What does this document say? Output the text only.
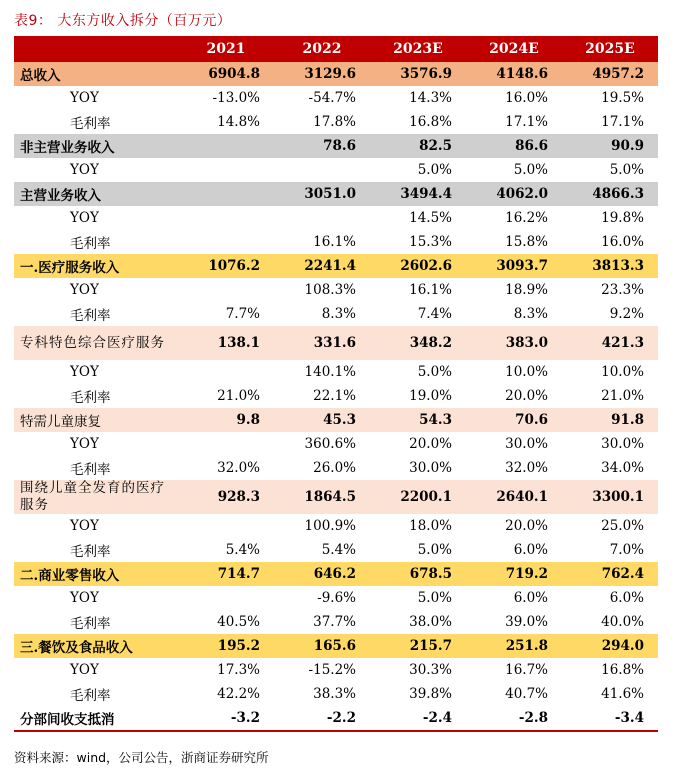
表9： 大东方收入拆分（百万元）
	2021	2022	2023E	2024E	2025E
总收入	6904.8	3129.6	3576.9	4148.6	4957.2
YOY	-13.0%	-54.7%	14.3%	16.0%	19.5%
毛利率	14.8%	17.8%	16.8%	17.1%	17.1%
非主营业务收入		78.6	82.5	86.6	90.9
YOY			5.0%	5.0%	5.0%
主营业务收入		3051.0	3494.4	4062.0	4866.3
YOY			14.5%	16.2%	19.8%
毛利率		16.1%	15.3%	15.8%	16.0%
一.医疗服务收入	1076.2	2241.4	2602.6	3093.7	3813.3
YOY		108.3%	16.1%	18.9%	23.3%
毛利率	7.7%	8.3%	7.4%	8.3%	9.2%
专科特色综合医疗服务	138.1	331.6	348.2	383.0	421.3
YOY		140.1%	5.0%	10.0%	10.0%
毛利率	21.0%	22.1%	19.0%	20.0%	21.0%
特需儿童康复	9.8	45.3	54.3	70.6	91.8
YOY		360.6%	20.0%	30.0%	30.0%
毛利率	32.0%	26.0%	30.0%	32.0%	34.0%
围绕儿童全发育的医疗服务	928.3	1864.5	2200.1	2640.1	3300.1
YOY		100.9%	18.0%	20.0%	25.0%
毛利率	5.4%	5.4%	5.0%	6.0%	7.0%
二.商业零售收入	714.7	646.2	678.5	719.2	762.4
YOY		-9.6%	5.0%	6.0%	6.0%
毛利率	40.5%	37.7%	38.0%	39.0%	40.0%
三.餐饮及食品收入	195.2	165.6	215.7	251.8	294.0
YOY	17.3%	-15.2%	30.3%	16.7%	16.8%
毛利率	42.2%	38.3%	39.8%	40.7%	41.6%
分部间收支抵消	-3.2	-2.2	-2.4	-2.8	-3.4
资料来源：wind，公司公告，浙商证券研究所
